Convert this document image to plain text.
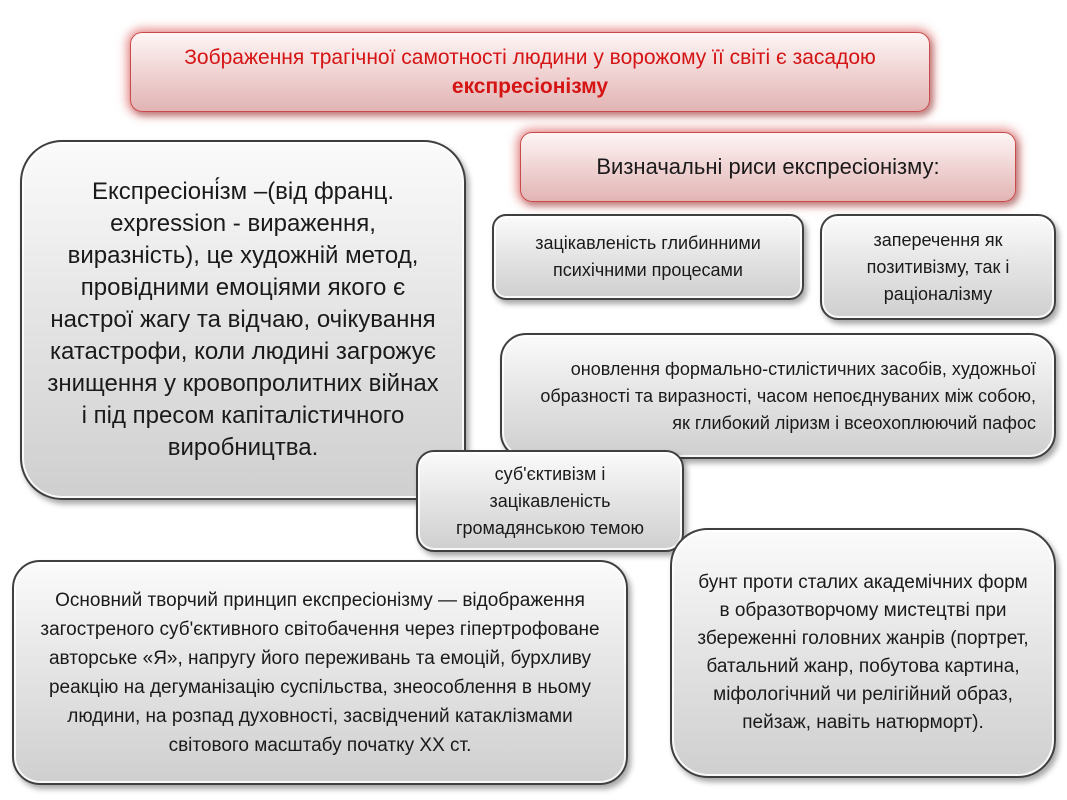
Зображення трагічної самотності людини у ворожому її світі є засадою експресіонізму
Експресіоні́зм –(від франц. expression - вираження, виразність), це художній метод, провідними емоціями якого є настрої жагу та відчаю, очікування катастрофи, коли людині загрожує знищення у кровопролитних війнах і під пресом капіталістичного виробництва.
Визначальні риси експресіонізму:
зацікавленість глибинними психічними процесами
заперечення як позитивізму, так і раціоналізму
оновлення формально-стилістичних засобів, художньої образності та виразності, часом непоєднуваних між собою, як глибокий ліризм і всеохоплюючий пафос
суб'єктивізм і зацікавленість громадянською темою
бунт проти сталих академічних форм в образотворчому мистецтві при збереженні головних жанрів (портрет, батальний жанр, побутова картина, міфологічний чи релігійний образ, пейзаж, навіть натюрморт).
Основний творчий принцип експресіонізму — відображення загостреного суб'єктивного світобачення через гіпертрофоване авторське «Я», напругу його переживань та емоцій, бурхливу реакцію на дегуманізацію суспільства, знеособлення в ньому людини, на розпад духовності, засвідчений катаклізмами світового масштабу початку ХХ ст.
